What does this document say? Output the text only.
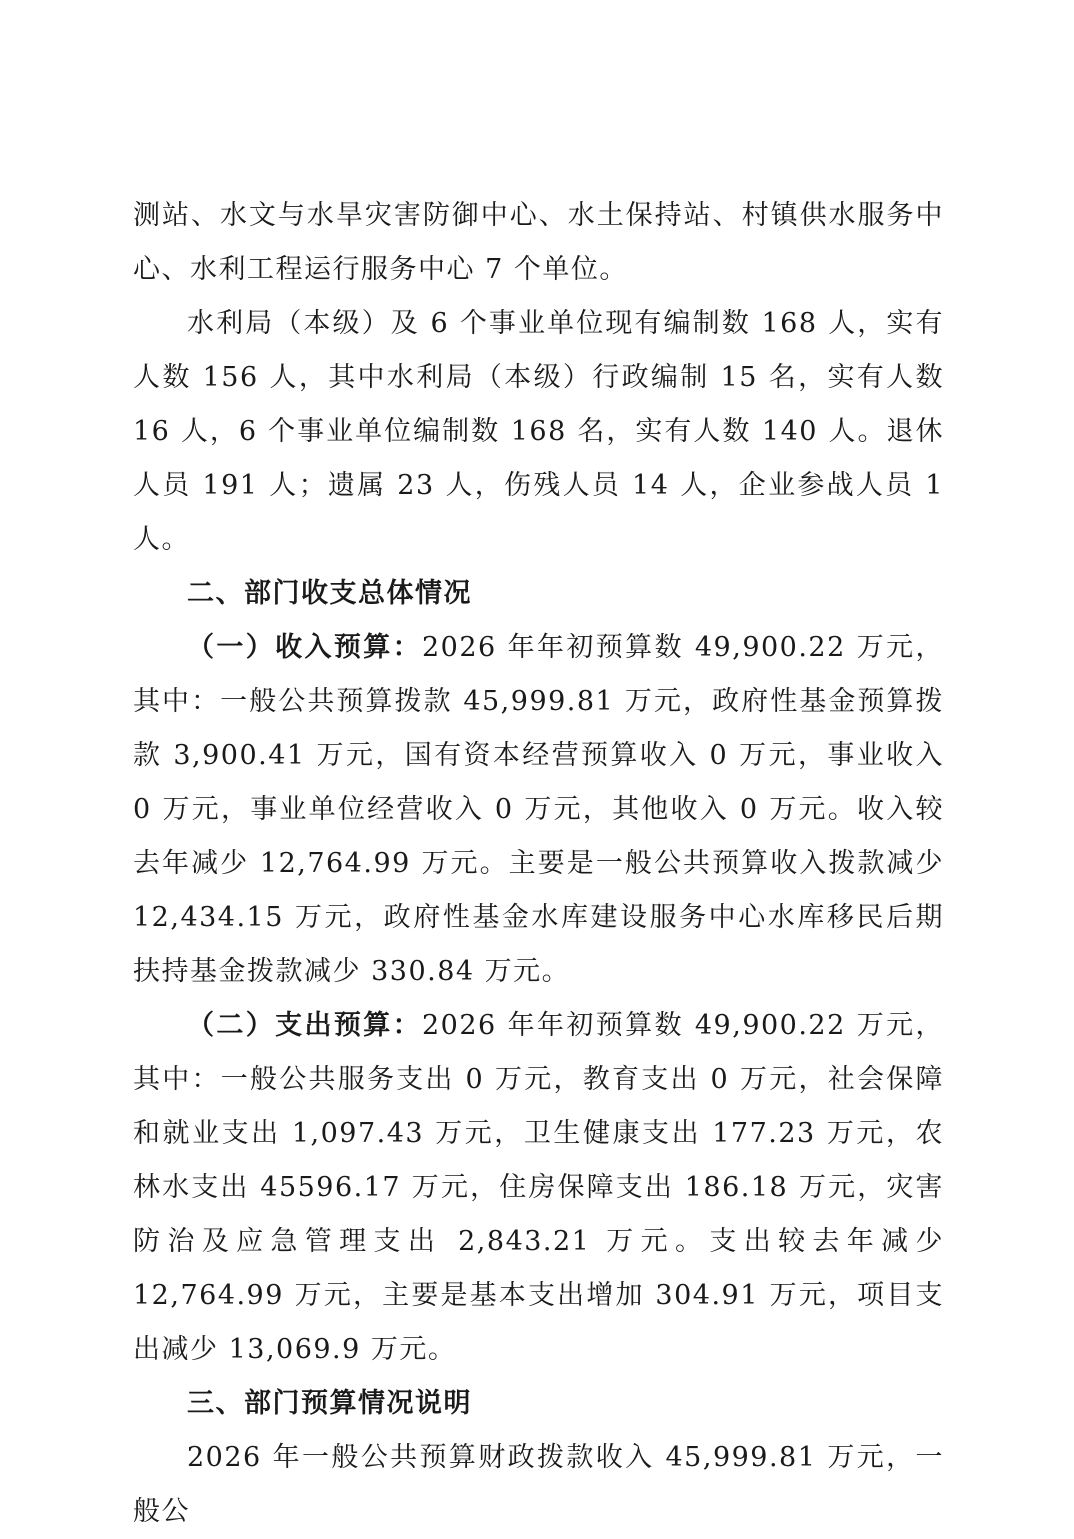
测站、水文与水旱灾害防御中心、水土保持站、村镇供水服务中心、水利工程运行服务中心 7 个单位。

水利局（本级）及 6 个事业单位现有编制数 168 人，实有人数 156 人，其中水利局（本级）行政编制 15 名，实有人数 16 人，6 个事业单位编制数 168 名，实有人数 140 人。退休人员 191 人；遗属 23 人，伤残人员 14 人，企业参战人员 1 人。

二、部门收支总体情况

（一）收入预算：2026 年年初预算数 49,900.22 万元，其中：一般公共预算拨款 45,999.81 万元，政府性基金预算拨款 3,900.41 万元，国有资本经营预算收入 0 万元，事业收入 0 万元，事业单位经营收入 0 万元，其他收入 0 万元。收入较去年减少 12,764.99 万元。主要是一般公共预算收入拨款减少 12,434.15 万元，政府性基金水库建设服务中心水库移民后期扶持基金拨款减少 330.84 万元。

（二）支出预算：2026 年年初预算数 49,900.22 万元，其中：一般公共服务支出 0 万元，教育支出 0 万元，社会保障和就业支出 1,097.43 万元，卫生健康支出 177.23 万元，农林水支出 45596.17 万元，住房保障支出 186.18 万元，灾害防治及应急管理支出 2,843.21 万元。支出较去年减少 12,764.99 万元，主要是基本支出增加 304.91 万元，项目支出减少 13,069.9 万元。

三、部门预算情况说明

2026 年一般公共预算财政拨款收入 45,999.81 万元，一般公
